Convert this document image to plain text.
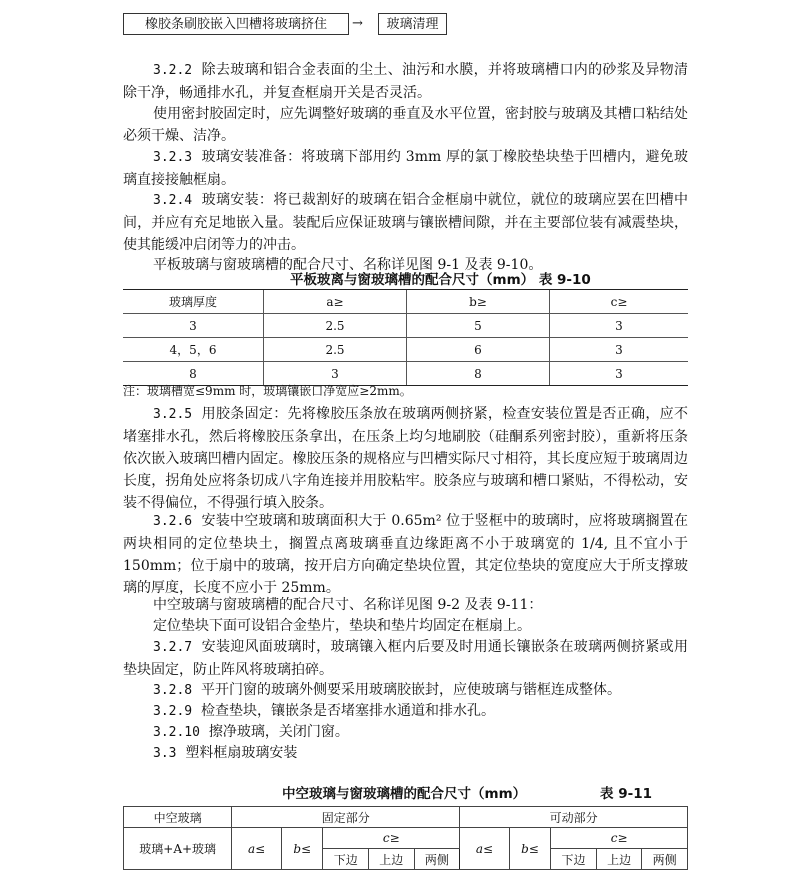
橡胶条刷胶嵌入凹槽将玻璃挤住	→	玻璃清理

3.2.2 除去玻璃和铝合金表面的尘土、油污和水膜，并将玻璃槽口内的砂浆及异物清除干净，畅通排水孔，并复查框扇开关是否灵活。

使用密封胶固定时，应先调整好玻璃的垂直及水平位置，密封胶与玻璃及其槽口粘结处必须干燥、洁净。

3.2.3 玻璃安装准备：将玻璃下部用约 3mm 厚的氯丁橡胶垫块垫于凹槽内，避免玻璃直接接触框扇。

3.2.4 玻璃安装：将已裁割好的玻璃在铝合金框扇中就位，就位的玻璃应罢在凹槽中间，并应有充足地嵌入量。装配后应保证玻璃与镶嵌槽间隙，并在主要部位装有减震垫块，使其能缓冲启闭等力的冲击。

平板玻璃与窗玻璃槽的配合尺寸、名称详见图 9-1 及表 9-10。

平板玻离与窗玻璃槽的配合尺寸（mm） 表 9-10
玻璃厚度	a≥	b≥	c≥
3	2.5	5	3
4，5，6	2.5	6	3
8	3	8	3
注：玻璃槽宽≤9mm 时，玻璃镶嵌口净宽应≥2mm。

3.2.5 用胶条固定：先将橡胶压条放在玻璃两侧挤紧，检查安装位置是否正确，应不堵塞排水孔，然后将橡胶压条拿出，在压条上均匀地刷胶（硅酮系列密封胶），重新将压条依次嵌入玻璃凹槽内固定。橡胶压条的规格应与凹槽实际尺寸相符，其长度应短于玻璃周边长度，拐角处应将条切成八字角连接并用胶粘牢。胶条应与玻璃和槽口紧贴，不得松动，安装不得偏位，不得强行填入胶条。

3.2.6 安装中空玻璃和玻璃面积大于 0.65m² 位于竖框中的玻璃时，应将玻璃搁置在两块相同的定位垫块土，搁置点离玻璃垂直边缘距离不小于玻璃宽的 1/4, 且不宜小于 150mm；位于扇中的玻璃，按开启方向确定垫块位置，其定位垫块的宽度应大于所支撑玻璃的厚度，长度不应小于 25mm。

中空玻璃与窗玻璃槽的配合尺寸、名称详见图 9-2 及表 9-11：

定位垫块下面可设铝合金垫片，垫块和垫片均固定在框扇上。

3.2.7 安装迎风面玻璃时，玻璃镶入框内后要及时用通长镶嵌条在玻璃两侧挤紧或用垫块固定，防止阵风将玻璃拍碎。

3.2.8 平开门窗的玻璃外侧要采用玻璃胶嵌封，应使玻璃与锴框连成整体。

3.2.9 检查垫块，镶嵌条是否堵塞排水通道和排水孔。

3.2.10 擦净玻璃，关闭门窗。

3.3 塑料框扇玻璃安装

中空玻璃与窗玻璃槽的配合尺寸（mm）	表 9-11
中空玻璃	固定部分					可动部分				
玻璃+A+玻璃	a≤	b≤	c≥			a≤	b≤	c≥		
			下边	上边	两侧			下边	上边	两侧
